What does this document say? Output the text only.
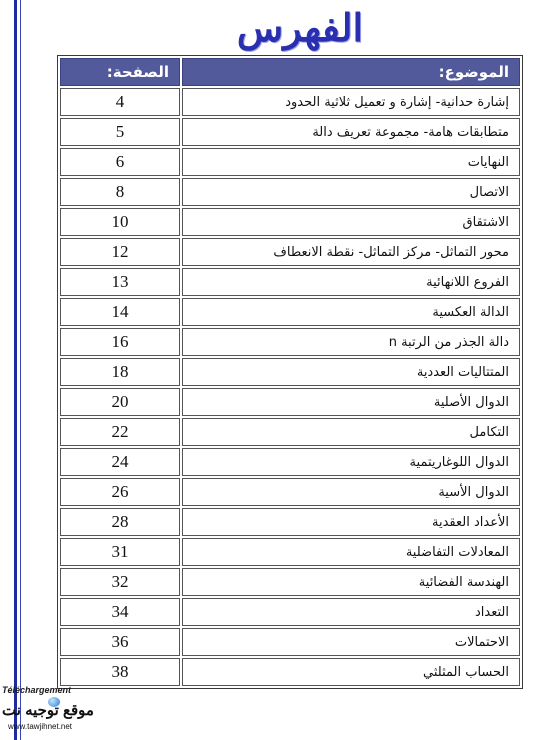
الفهرس
الموضوع:	الصفحة:
إشارة حدانية- إشارة و تعميل ثلاثية الحدود	4
متطابقات هامة- مجموعة تعريف دالة	5
النهايات	6
الاتصال	8
الاشتقاق	10
محور التماثل- مركز التماثل- نقطة الانعطاف	12
الفروع اللانهائية	13
الدالة العكسية	14
دالة الجذر من الرتبة n	16
المتتاليات العددية	18
الدوال الأصلية	20
التكامل	22
الدوال اللوغاريتمية	24
الدوال الأسية	26
الأعداد العقدية	28
المعادلات التفاضلية	31
الهندسة الفضائية	32
التعداد	34
الاحتمالات	36
الحساب المثلثي	38
Téléchargement
موقع توجيه نت
www.tawjihnet.net
